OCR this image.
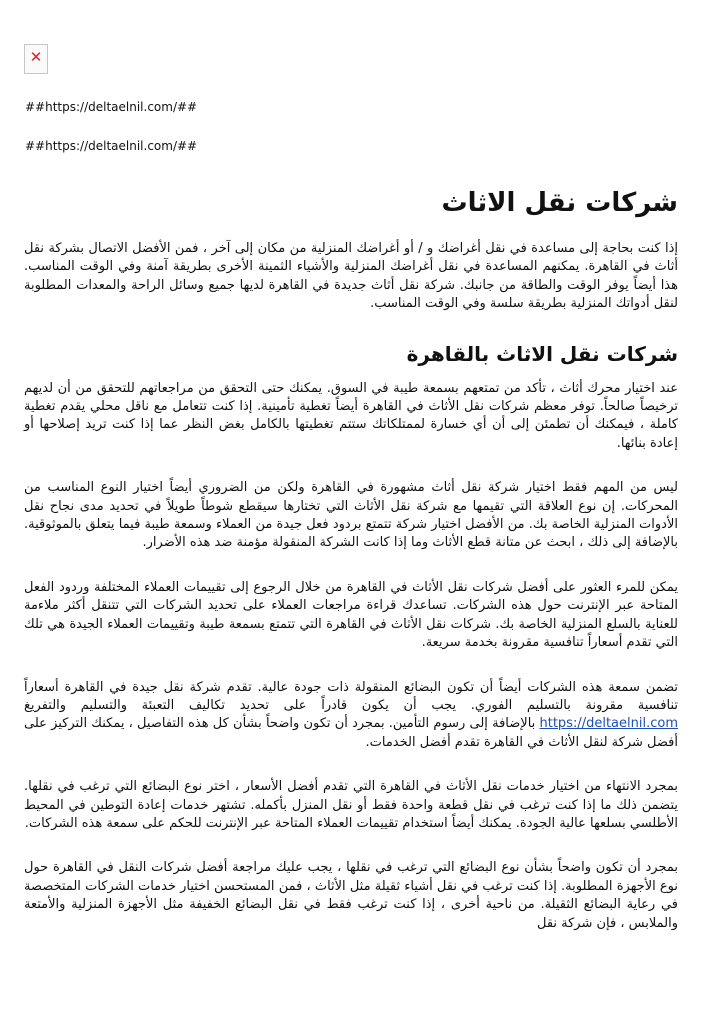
✕
##https://deltaelnil.com/##
##https://deltaelnil.com/##
شركات نقل الاثاث

إذا كنت بحاجة إلى مساعدة في نقل أغراضك و / أو أغراضك المنزلية من مكان إلى آخر ، فمن الأفضل الاتصال بشركة نقل أثاث في القاهرة. يمكنهم المساعدة في نقل أغراضك المنزلية والأشياء الثمينة الأخرى بطريقة آمنة وفي الوقت المناسب. هذا أيضاً يوفر الوقت والطاقة من جانبك. شركة نقل أثاث جديدة في القاهرة لديها جميع وسائل الراحة والمعدات المطلوبة لنقل أدواتك المنزلية بطريقة سلسة وفي الوقت المناسب.

شركات نقل الاثاث بالقاهرة

عند اختيار محرك أثاث ، تأكد من تمتعهم بسمعة طيبة في السوق. يمكنك حتى التحقق من مراجعاتهم للتحقق من أن لديهم ترخيصاً صالحاً. توفر معظم شركات نقل الأثاث في القاهرة أيضاً تغطية تأمينية. إذا كنت تتعامل مع ناقل محلي يقدم تغطية كاملة ، فيمكنك أن تطمئن إلى أن أي خسارة لممتلكاتك ستتم تغطيتها بالكامل بغض النظر عما إذا كنت تريد إصلاحها أو إعادة بنائها.

ليس من المهم فقط اختيار شركة نقل أثاث مشهورة في القاهرة ولكن من الضروري أيضاً اختيار النوع المناسب من المحركات. إن نوع العلاقة التي تقيمها مع شركة نقل الأثاث التي تختارها سيقطع شوطاً طويلاً في تحديد مدى نجاح نقل الأدوات المنزلية الخاصة بك. من الأفضل اختيار شركة تتمتع بردود فعل جيدة من العملاء وسمعة طيبة فيما يتعلق بالموثوقية. بالإضافة إلى ذلك ، ابحث عن متانة قطع الأثاث وما إذا كانت الشركة المنقولة مؤمنة ضد هذه الأضرار.

يمكن للمرء العثور على أفضل شركات نقل الأثاث في القاهرة من خلال الرجوع إلى تقييمات العملاء المختلفة وردود الفعل المتاحة عبر الإنترنت حول هذه الشركات. تساعدك قراءة مراجعات العملاء على تحديد الشركات التي تتنقل أكثر ملاءمة للعناية بالسلع المنزلية الخاصة بك. شركات نقل الأثاث في القاهرة التي تتمتع بسمعة طيبة وتقييمات العملاء الجيدة هي تلك التي تقدم أسعاراً تنافسية مقرونة بخدمة سريعة.

تضمن سمعة هذه الشركات أيضاً أن تكون البضائع المنقولة ذات جودة عالية. تقدم شركة نقل جيدة في القاهرة أسعاراً تنافسية مقرونة بالتسليم الفوري. يجب أن يكون قادراً على تحديد تكاليف التعبئة والتسليم والتفريغ https://deltaelnil.com بالإضافة إلى رسوم التأمين. بمجرد أن تكون واضحاً بشأن كل هذه التفاصيل ، يمكنك التركيز على أفضل شركة لنقل الأثاث في القاهرة تقدم أفضل الخدمات.

بمجرد الانتهاء من اختيار خدمات نقل الأثاث في القاهرة التي تقدم أفضل الأسعار ، اختر نوع البضائع التي ترغب في نقلها. يتضمن ذلك ما إذا كنت ترغب في نقل قطعة واحدة فقط أو نقل المنزل بأكمله. تشتهر خدمات إعادة التوطين في المحيط الأطلسي بسلعها عالية الجودة. يمكنك أيضاً استخدام تقييمات العملاء المتاحة عبر الإنترنت للحكم على سمعة هذه الشركات.

بمجرد أن تكون واضحاً بشأن نوع البضائع التي ترغب في نقلها ، يجب عليك مراجعة أفضل شركات النقل في القاهرة حول نوع الأجهزة المطلوبة. إذا كنت ترغب في نقل أشياء ثقيلة مثل الأثاث ، فمن المستحسن اختيار خدمات الشركات المتخصصة في رعاية البضائع الثقيلة. من ناحية أخرى ، إذا كنت ترغب فقط في نقل البضائع الخفيفة مثل الأجهزة المنزلية والأمتعة والملابس ، فإن شركة نقل
